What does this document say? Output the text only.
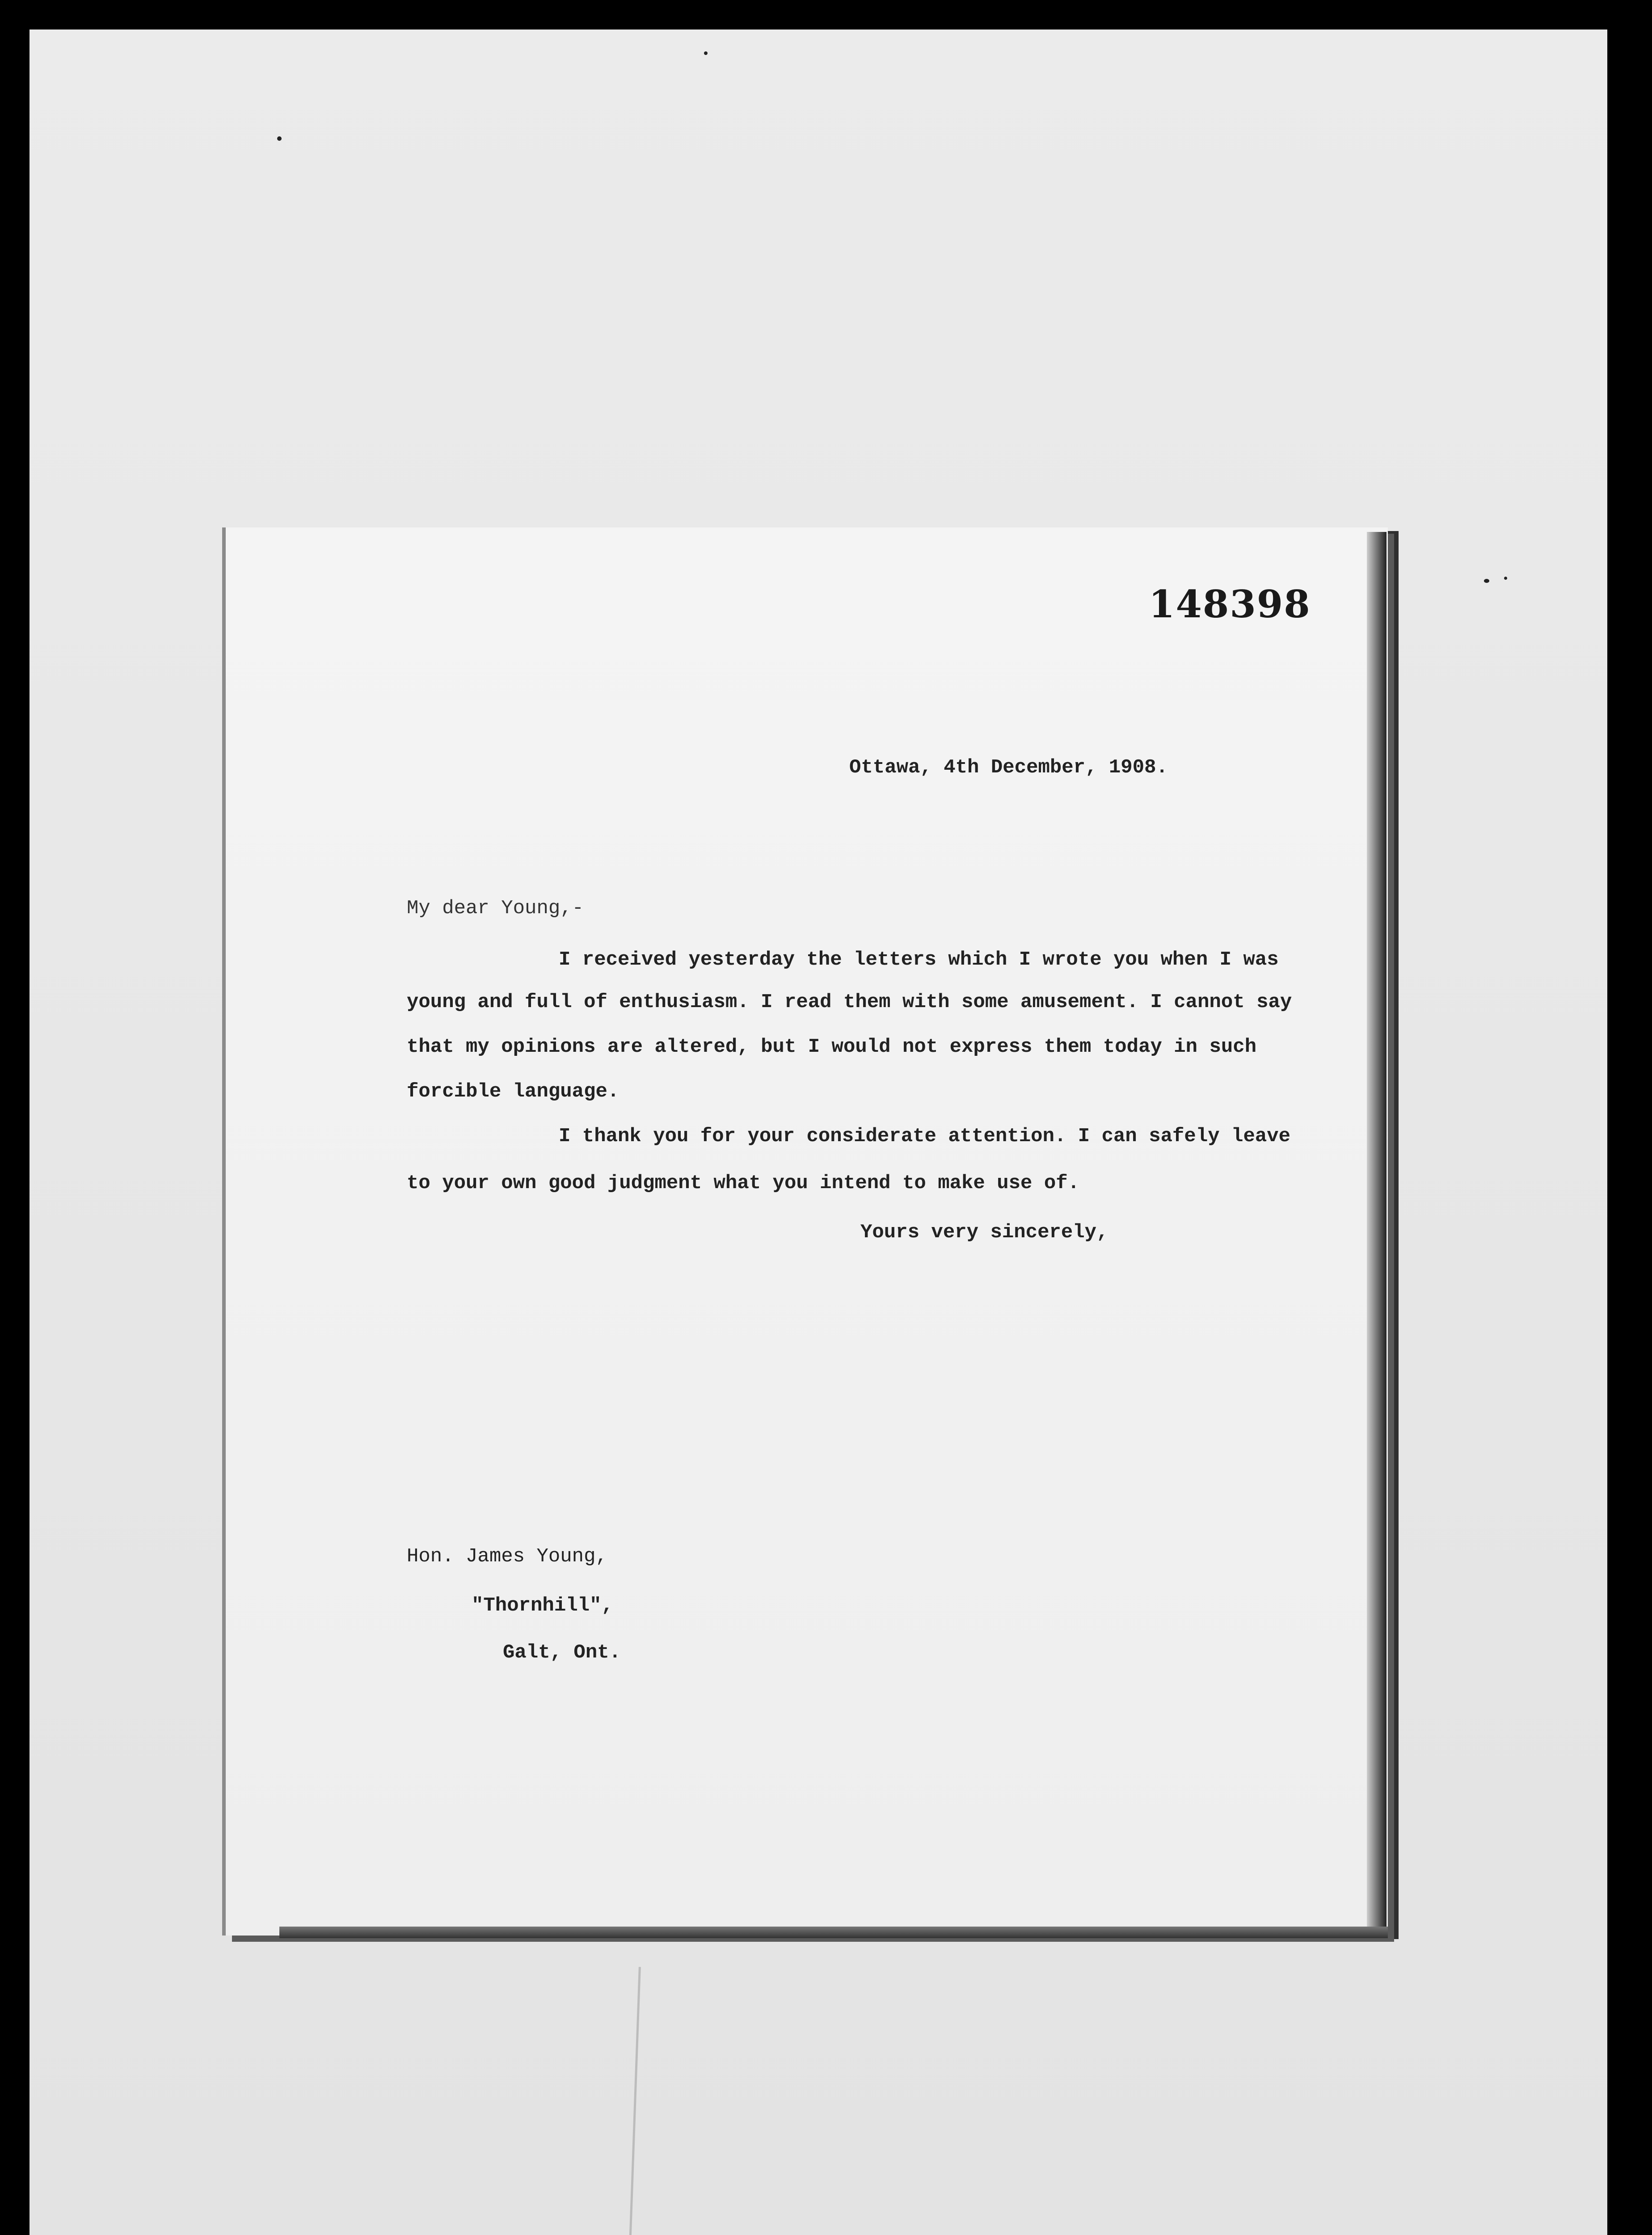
148398
Ottawa, 4th December, 1908.
My dear Young,-
I received yesterday the letters which I wrote you when I was
young and full of enthusiasm. I read them with some amusement. I cannot say
that my opinions are altered, but I would not express them today in such
forcible language.
I thank you for your considerate attention. I can safely leave
to your own good judgment what you intend to make use of.
Yours very sincerely,
Hon. James Young,
"Thornhill",
Galt, Ont.
